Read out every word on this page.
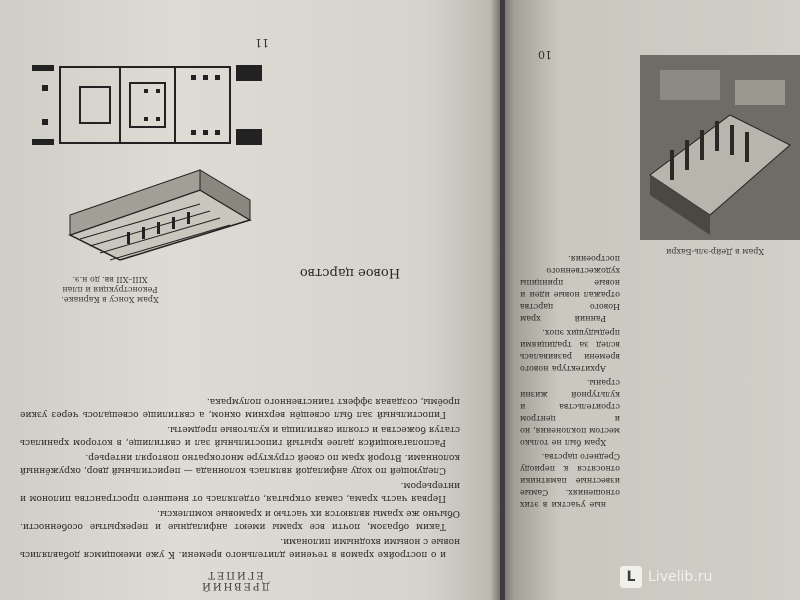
и о постройке храмов в течение длительного времени. К уже имеющимся добавлялись новые с новыми входными пилонами.

Таким образом, почти все храмы имеют анфиладные и перекрытые особенности. Обычно же храмы являются их частью и храмовые комплексы.

Первая часть храма, самая открытая, отделялась от внешнего пространства пилоном и интерьером.

Следующей по ходу анфиладой являлась колоннада — перистильный двор, окружённый колоннами. Второй храм по своей структуре многократно повторял интерьер.

Располагающийся далее крытый гипостильный зал и святилище, в котором хранилась статуя божества и стояли святилища и культовые предметы.

Гипостильный зал был освещён верхним окном, а святилище освещалось через узкие проёмы, создавая эффект таинственного полумрака.

ДРЕВНИЙ ЕГИПЕТ
11
Храм Хонсу в Карнаке. Реконструкция и план
XIII–XII вв. до н.э.	Новое царство

ные участки в этих отношениях. Самые известные памятники относятся к периоду Среднего царства.

Храм был не только местом поклонения, но и центром строительства и культурной жизни страны.

Архитектура нового времени развивалась вслед за традициями предыдущих эпох.

Ранний храм Нового царства отражал новые идеи и новые принципы художественного построения.

10
Храм в Дейр-эль-Бахри
L Livelib.ru
